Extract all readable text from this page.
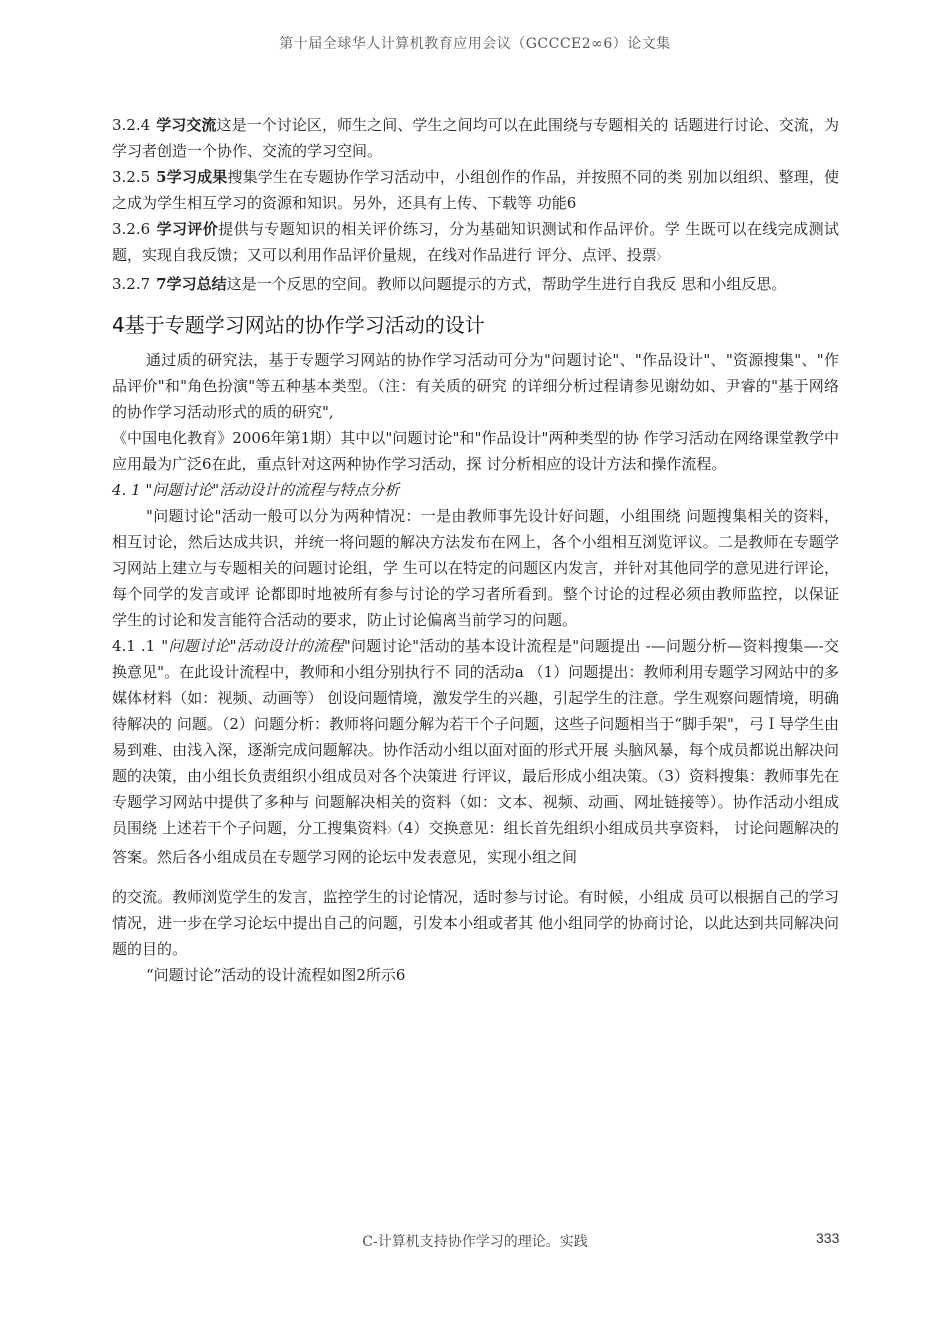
第十届全球华人计算机教育应用会议（GCCCE2∞6）论文集

3.2.4 学习交流这是一个讨论区，师生之间、学生之间均可以在此围绕与专题相关的 话题进行讨论、交流，为学习者创造一个协作、交流的学习空间。

3.2.5 5学习成果搜集学生在专题协作学习活动中，小组创作的作品，并按照不同的类 别加以组织、整理，使之成为学生相互学习的资源和知识。另外，还具有上传、下载等 功能6

3.2.6 学习评价提供与专题知识的相关评价练习，分为基础知识测试和作品评价。学 生既可以在线完成测试题，实现自我反馈；又可以利用作品评价量规，在线对作品进行 评分、点评、投票〉

3.2.7 7学习总结这是一个反思的空间。教师以问题提示的方式，帮助学生进行自我反 思和小组反思。

4基于专题学习网站的协作学习活动的设计

通过质的研究法，基于专题学习网站的协作学习活动可分为"问题讨论"、"作品设计"、"资源搜集"、"作品评价"和"角色扮演"等五种基本类型。（注：有关质的研究 的详细分析过程请参见谢幼如、尹睿的"基于网络的协作学习活动形式的质的研究",

《中国电化教育》2006年第1期）其中以"问题讨论"和"作品设计"两种类型的协 作学习活动在网络课堂教学中应用最为广泛6在此，重点针对这两种协作学习活动，探 讨分析相应的设计方法和操作流程。

4. 1 "问题讨论"活动设计的流程与特点分析

"问题讨论"活动一般可以分为两种情况：一是由教师事先设计好问题，小组围绕 问题搜集相关的资料，相互讨论，然后达成共识，并统一将问题的解决方法发布在网上，各个小组相互浏览评议。二是教师在专题学习网站上建立与专题相关的问题讨论组，学 生可以在特定的问题区内发言，并针对其他同学的意见进行评论，每个同学的发言或评 论都即时地被所有参与讨论的学习者所看到。整个讨论的过程必须由教师监控，以保证 学生的讨论和发言能符合活动的要求，防止讨论偏离当前学习的问题。

4.1 .1 "问题讨论"活动设计的流程"问题讨论"活动的基本设计流程是"问题提出 -—问题分析—资料搜集—-交换意见"。在此设计流程中，教师和小组分别执行不 同的活动a （1）问题提出：教师利用专题学习网站中的多媒体材料（如：视频、动画等） 创设问题情境，激发学生的兴趣，引起学生的注意。学生观察问题情境，明确待解决的 问题。（2）问题分析：教师将问题分解为若干个子问题，这些子问题相当于“脚手架"，弓Ｉ导学生由易到难、由浅入深，逐渐完成问题解决。协作活动小组以面对面的形式开展 头脑风暴，每个成员都说出解决问题的决策，由小组长负责组织小组成员对各个决策进 行评议，最后形成小组决策。（3）资料搜集：教师事先在专题学习网站中提供了多种与 问题解决相关的资料（如：文本、视频、动画、网址链接等）。协作活动小组成员围绕 上述若干个子问题，分工搜集资料〉（4）交换意见：组长首先组织小组成员共享资料， 讨论问题解决的答案。然后各小组成员在专题学习网的论坛中发表意见，实现小组之间

的交流。教师浏览学生的发言，监控学生的讨论情况，适时参与讨论。有时候，小组成 员可以根据自己的学习情况，进一步在学习论坛中提出自己的问题，引发本小组或者其 他小组同学的协商讨论，以此达到共同解决问题的目的。

“问题讨论”活动的设计流程如图2所示6

C-计算机支持协作学习的理论。实践	333
